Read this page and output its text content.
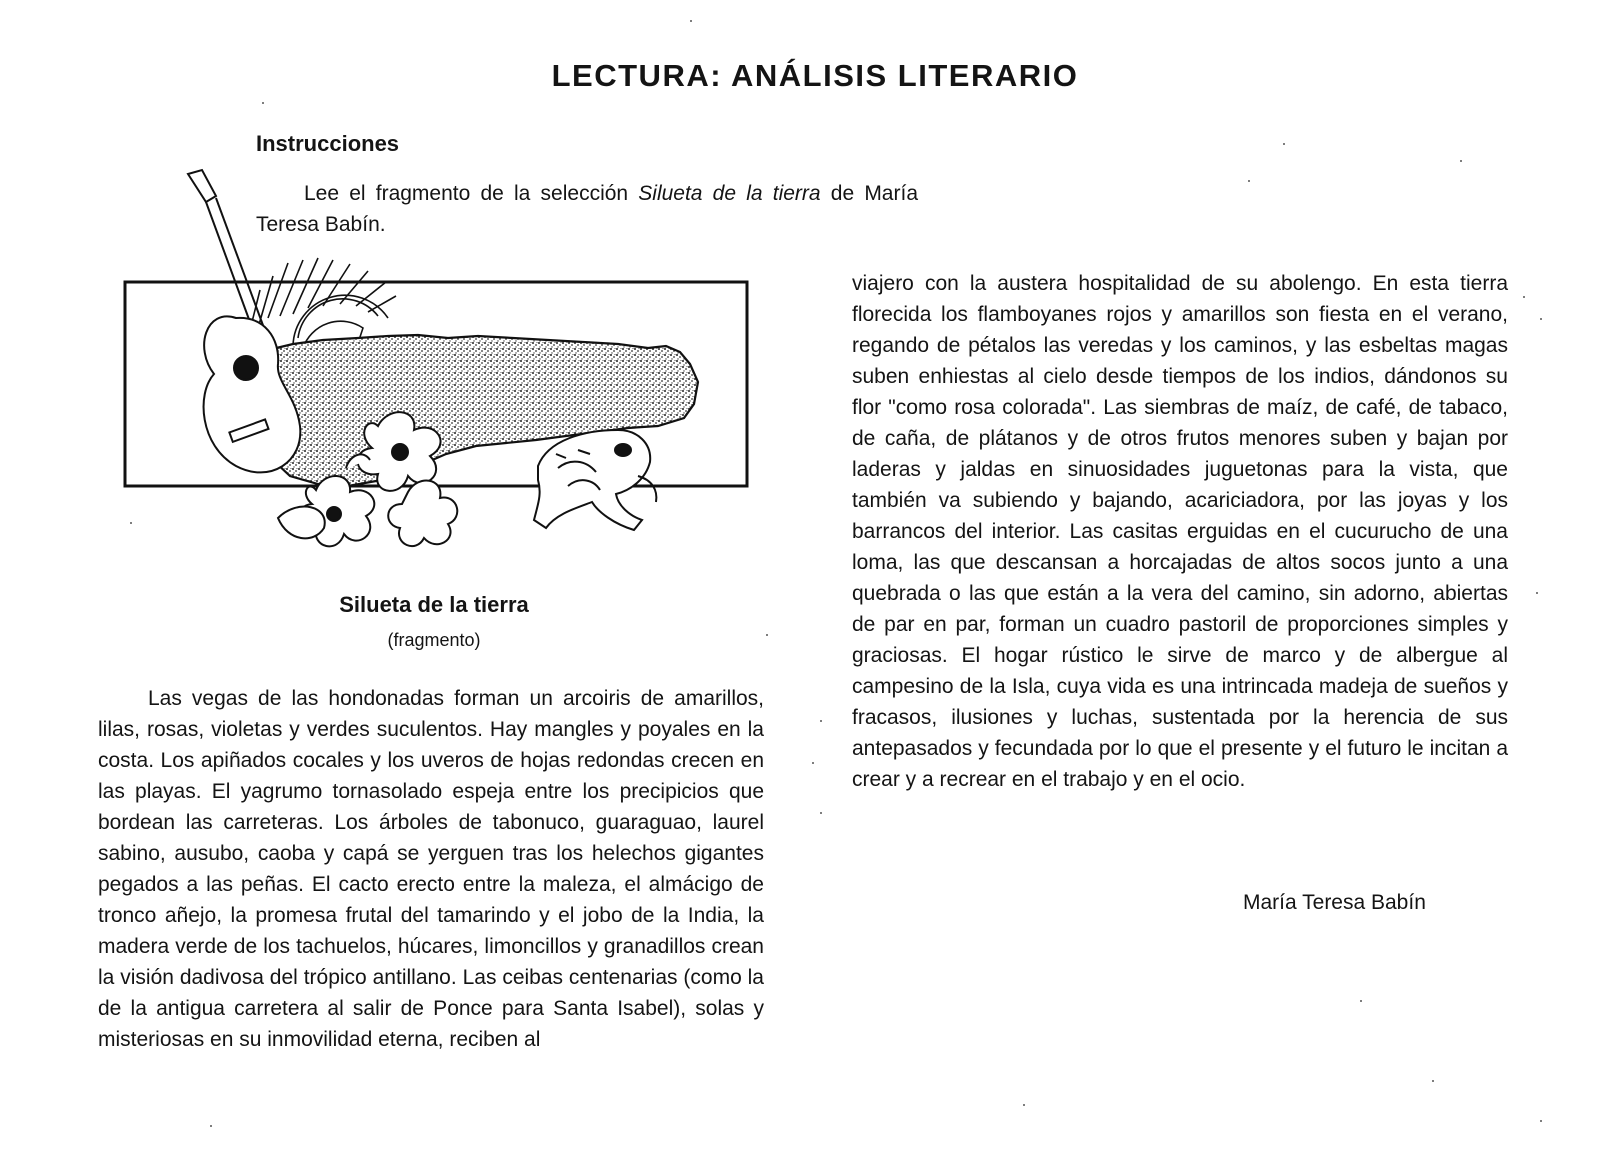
LECTURA: ANÁLISIS LITERARIO
Instrucciones
Lee el fragmento de la selección Silueta de la tierra de María Teresa Babín.
Silueta de la tierra
(fragmento)

Las vegas de las hondonadas forman un arcoiris de amarillos, lilas, rosas, violetas y verdes suculentos. Hay mangles y poyales en la costa. Los apiñados cocales y los uveros de hojas redondas crecen en las playas. El yagrumo tornasolado espeja entre los precipicios que bordean las carreteras. Los árboles de tabonuco, guaraguao, laurel sabino, ausubo, caoba y capá se yerguen tras los helechos gigantes pegados a las peñas. El cacto erecto entre la maleza, el almácigo de tronco añejo, la promesa frutal del tamarindo y el jobo de la India, la madera verde de los tachuelos, húcares, limoncillos y granadillos crean la visión dadivosa del trópico antillano. Las ceibas centenarias (como la de la antigua carretera al salir de Ponce para Santa Isabel), solas y misteriosas en su inmovilidad eterna, reciben al

viajero con la austera hospitalidad de su abolengo. En esta tierra florecida los flamboyanes rojos y amarillos son fiesta en el verano, regando de pétalos las veredas y los caminos, y las esbeltas magas suben enhiestas al cielo desde tiempos de los indios, dándonos su flor "como rosa colorada". Las siembras de maíz, de café, de tabaco, de caña, de plátanos y de otros frutos menores suben y bajan por laderas y jaldas en sinuosidades juguetonas para la vista, que también va subiendo y bajando, acariciadora, por las joyas y los barrancos del interior. Las casitas erguidas en el cucurucho de una loma, las que descansan a horcajadas de altos socos junto a una quebrada o las que están a la vera del camino, sin adorno, abiertas de par en par, forman un cuadro pastoril de proporciones simples y graciosas. El hogar rústico le sirve de marco y de albergue al campesino de la Isla, cuya vida es una intrincada madeja de sueños y fracasos, ilusiones y luchas, sustentada por la herencia de sus antepasados y fecundada por lo que el presente y el futuro le incitan a crear y a recrear en el trabajo y en el ocio.

María Teresa Babín
